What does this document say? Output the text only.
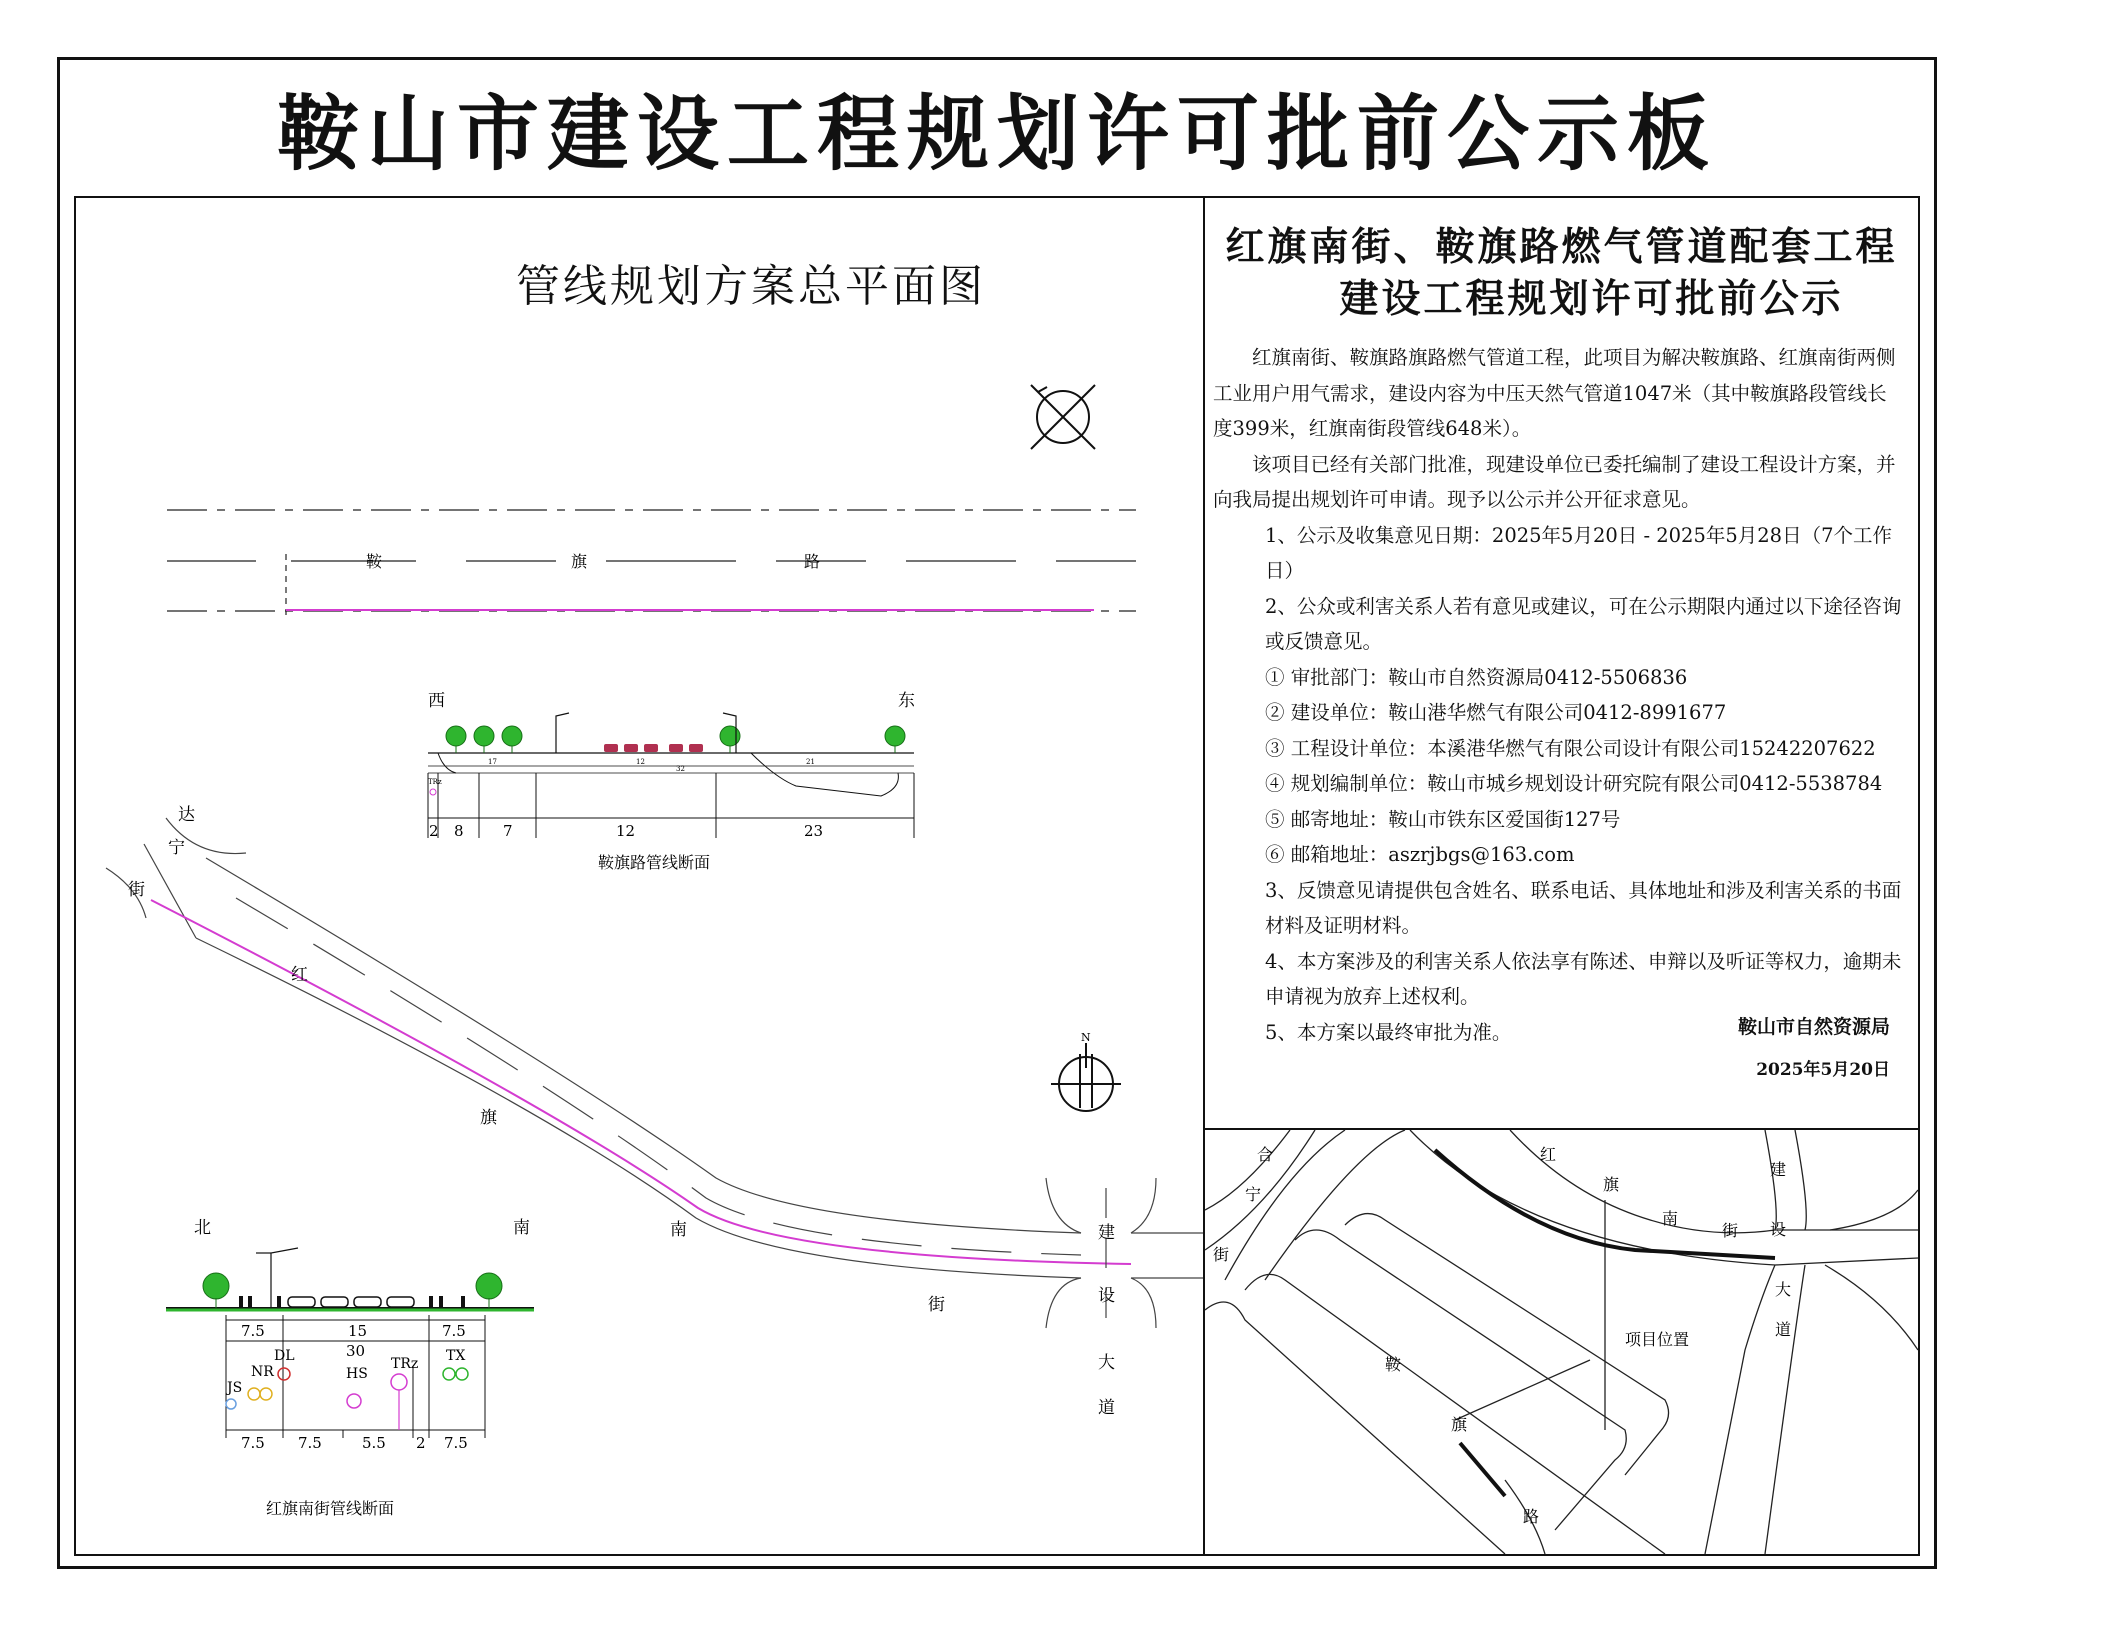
鞍山市建设工程规划许可批前公示板
管线规划方案总平面图
鞍	旗	路
西	东
17	12
32
21
TRz
2 8	7	12	23
鞍旗路管线断面
达
宁
街
红
旗
南
街
建
设
大
道
N
北	南
7.5	15	7.5
30
7.5 7.5	5.5 2 7.5
JS
NR
DL
HS
TRz TX
红旗南街管线断面
红旗南街、鞍旗路燃气管道配套工程
建设工程规划许可批前公示

红旗南街、鞍旗路旗路燃气管道工程，此项目为解决鞍旗路、红旗南街两侧工业用户用气需求，建设内容为中压天然气管道1047米（其中鞍旗路段管线长度399米，红旗南街段管线648米）。

该项目已经有关部门批准，现建设单位已委托编制了建设工程设计方案，并向我局提出规划许可申请。现予以公示并公开征求意见。

1、公示及收集意见日期：2025年5月20日 - 2025年5月28日（7个工作日）

2、公众或利害关系人若有意见或建议，可在公示期限内通过以下途径咨询或反馈意见。

① 审批部门：鞍山市自然资源局0412-5506836

② 建设单位：鞍山港华燃气有限公司0412-8991677

③ 工程设计单位：本溪港华燃气有限公司设计有限公司15242207622

④ 规划编制单位：鞍山市城乡规划设计研究院有限公司0412-5538784

⑤ 邮寄地址：鞍山市铁东区爱国街127号

⑥ 邮箱地址：aszrjbgs@163.com

3、反馈意见请提供包含姓名、联系电话、具体地址和涉及利害关系的书面材料及证明材料。

4、本方案涉及的利害关系人依法享有陈述、申辩以及听证等权力，逾期未申请视为放弃上述权利。

5、本方案以最终审批为准。	鞍山市自然资源局
2025年5月20日
项目位置
红
旗
南
街
建
设
大
道
鞍
旗
路
合
宁
街
